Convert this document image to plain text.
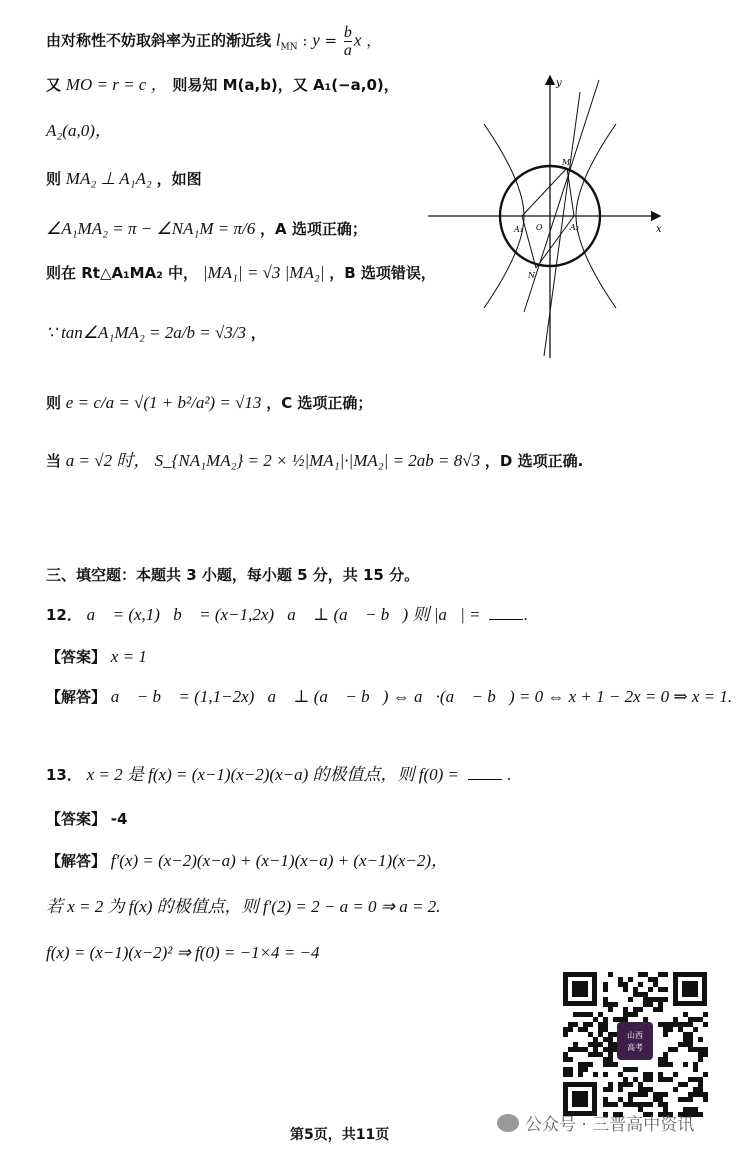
由对称性不妨取斜率为正的渐近线 $l_{MN}$ : $y = \frac{b}{a}$ x ，
又 MO = r = c ， 则易知 M(a,b)，又 A₁(−a,0)，
A₂(a,0)，
则 MA₂ ⊥ A₁A₂ ，如图
∠A₁MA₂ = π − ∠NA₁M = π/6 ，A 选项正确；
则在 Rt△A₁MA₂ 中， |MA₁| = √3 |MA₂| ，B 选项错误，
∵ tan∠A₁MA₂ = 2a/b = √3/3 ，
则 e = c/a = √(1 + b²/a²) = √13 ，C 选项正确；
当 a = √2 时， S_{NA₁MA₂} = 2 × ½|MA₁|·|MA₂| = 2ab = 8√3 ，D 选项正确.
x
y
M
N
A₁	A₂
O
三、填空题：本题共 3 小题，每小题 5 分，共 15 分。
12． a⃗ = (x,1)，b⃗ = (x−1,2x)，a⃗ ⊥ (a⃗ − b⃗) 则 |a⃗| =	.
【答案】 x = 1
【解答】 a⃗ − b⃗ = (1,1−2x)，a⃗ ⊥ (a⃗ − b⃗) ⇔ a⃗·(a⃗ − b⃗) = 0 ⇔ x + 1 − 2x = 0 ⇒ x = 1.
13． x = 2 是 f(x) = (x−1)(x−2)(x−a) 的极值点，则 f(0) =	.
【答案】 -4
【解答】 f′(x) = (x−2)(x−a) + (x−1)(x−a) + (x−1)(x−2)，
若 x = 2 为 f(x) 的极值点，则 f′(2) = 2 − a = 0 ⇒ a = 2.
f(x) = (x−1)(x−2)² ⇒ f(0) = −1×4 = −4
山西
高考
公众号 · 三晋高中资讯
第5页，共11页
